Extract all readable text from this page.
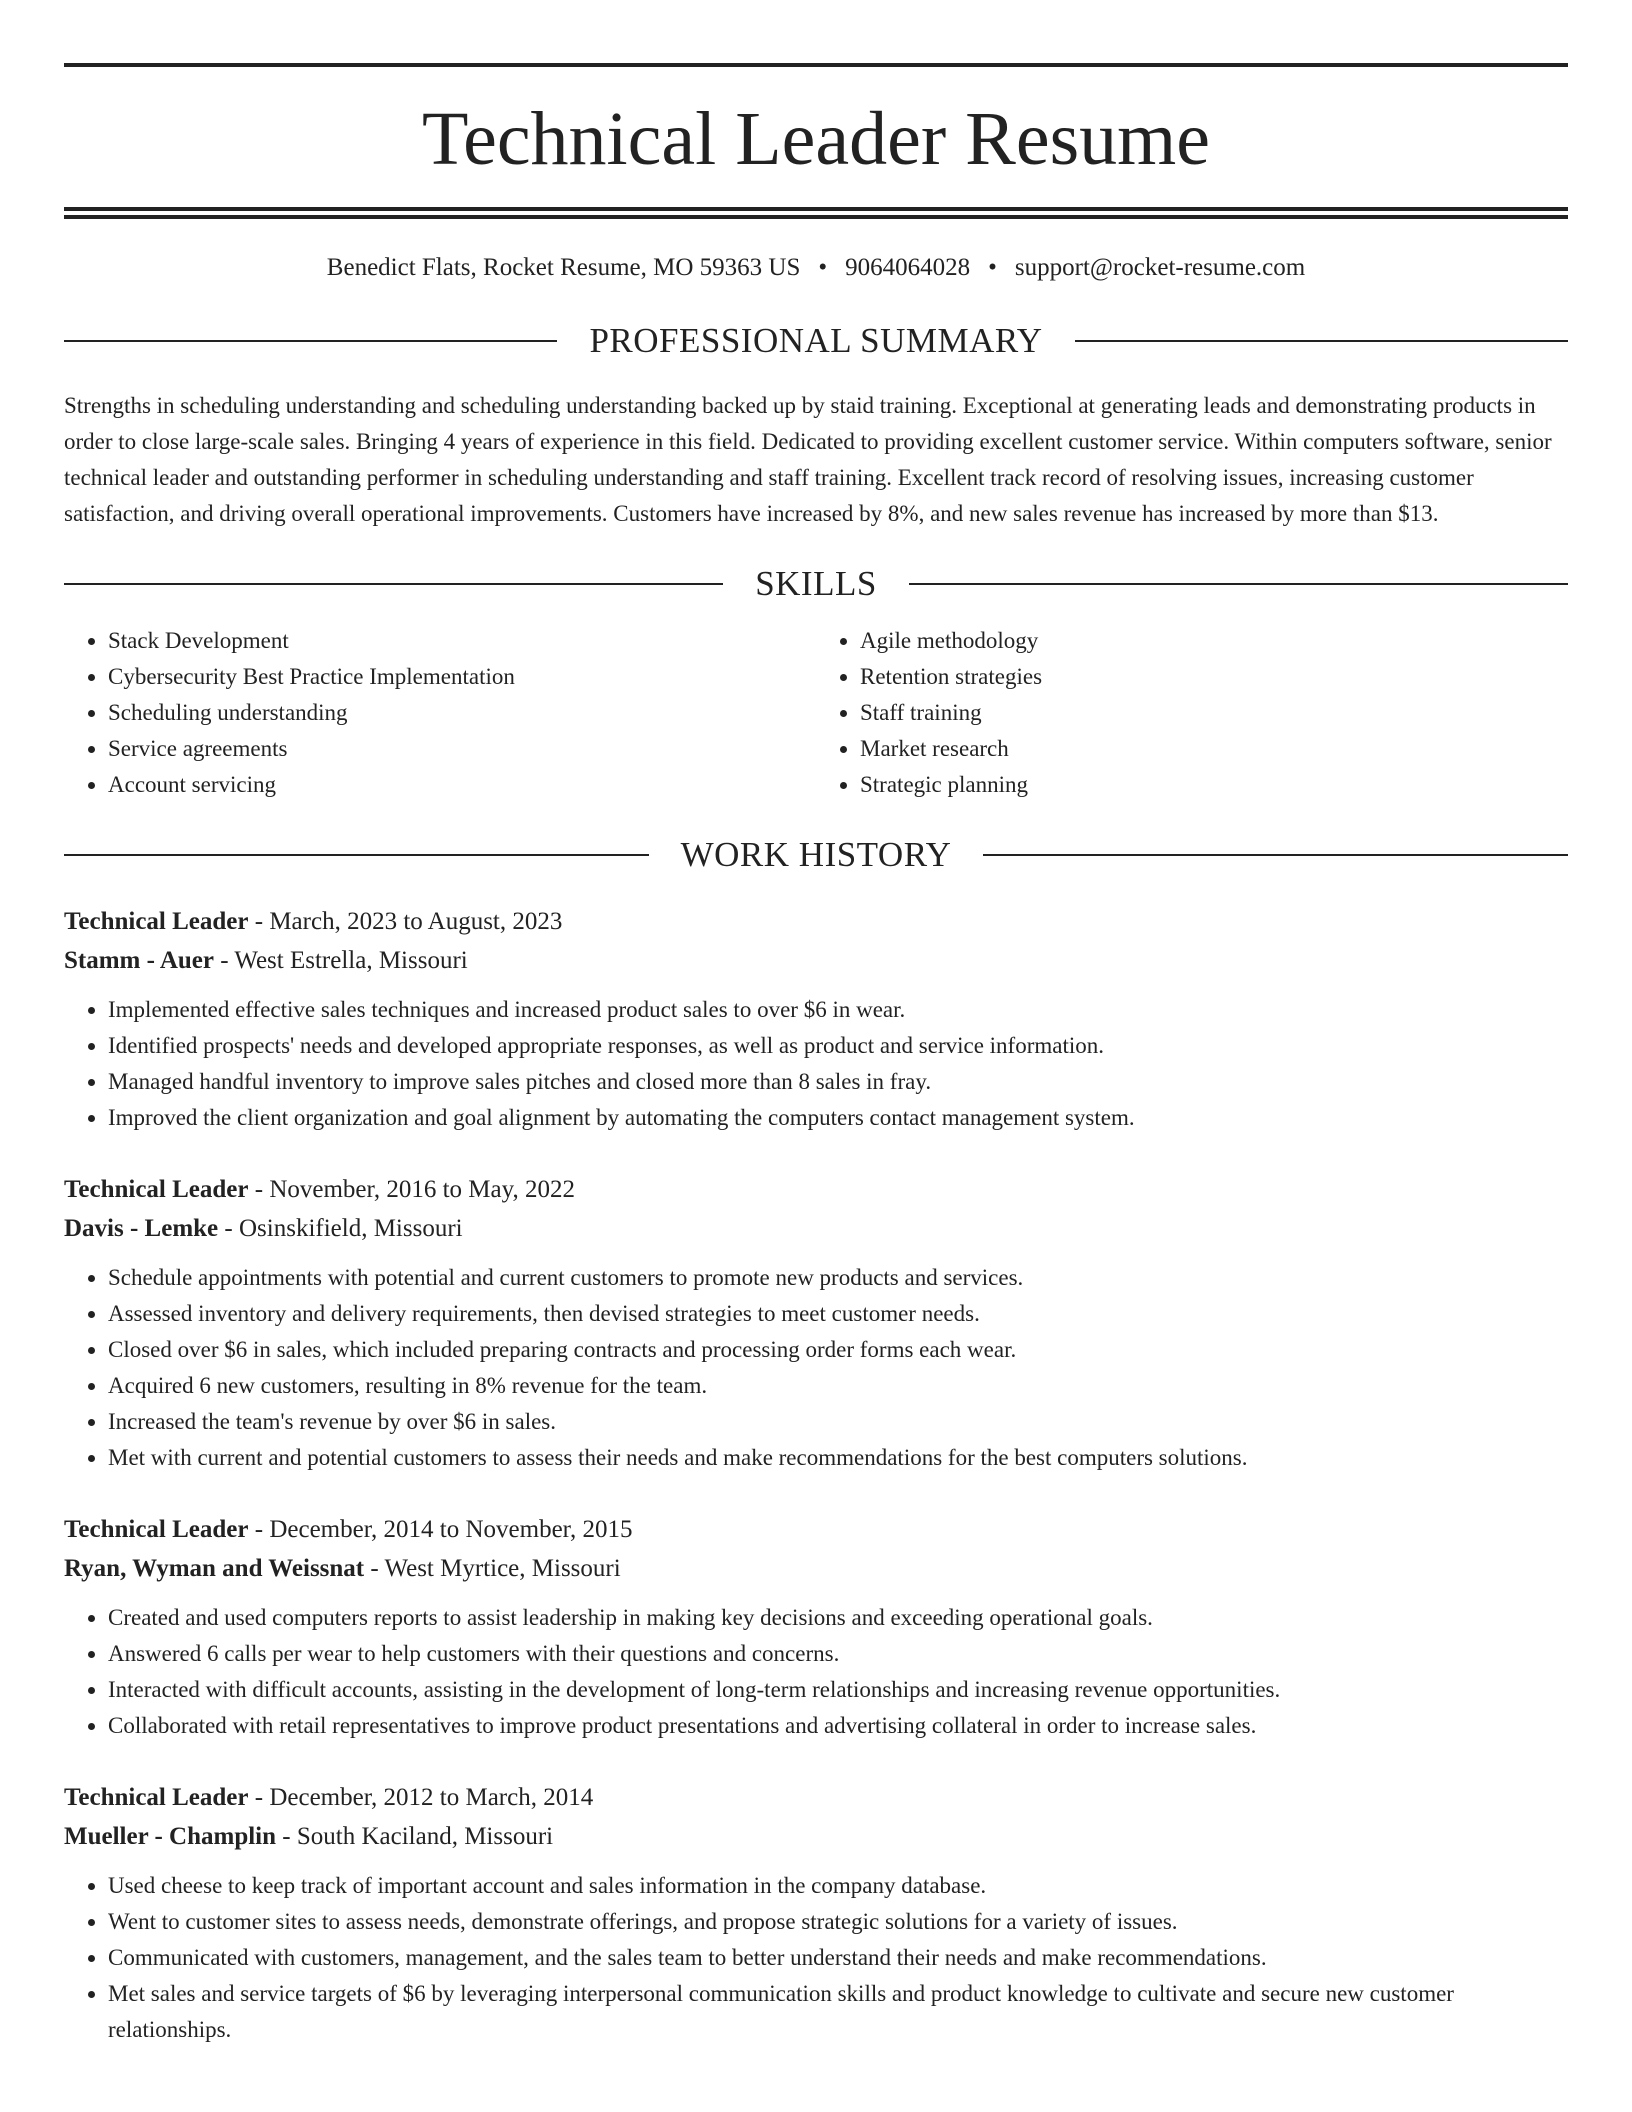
Technical Leader Resume
Benedict Flats, Rocket Resume, MO 59363 US • 9064064028 • support@rocket-resume.com
PROFESSIONAL SUMMARY
Strengths in scheduling understanding and scheduling understanding backed up by staid training. Exceptional at generating leads and demonstrating products in order to close large-scale sales. Bringing 4 years of experience in this field. Dedicated to providing excellent customer service. Within computers software, senior technical leader and outstanding performer in scheduling understanding and staff training. Excellent track record of resolving issues, increasing customer satisfaction, and driving overall operational improvements. Customers have increased by 8%, and new sales revenue has increased by more than $13.
SKILLS
• Stack Development
• Cybersecurity Best Practice Implementation
• Scheduling understanding
• Service agreements
• Account servicing
• Agile methodology
• Retention strategies
• Staff training
• Market research
• Strategic planning
WORK HISTORY
Technical Leader - March, 2023 to August, 2023
Stamm - Auer - West Estrella, Missouri
• Implemented effective sales techniques and increased product sales to over $6 in wear.
• Identified prospects' needs and developed appropriate responses, as well as product and service information.
• Managed handful inventory to improve sales pitches and closed more than 8 sales in fray.
• Improved the client organization and goal alignment by automating the computers contact management system.
Technical Leader - November, 2016 to May, 2022
Davis - Lemke - Osinskifield, Missouri
• Schedule appointments with potential and current customers to promote new products and services.
• Assessed inventory and delivery requirements, then devised strategies to meet customer needs.
• Closed over $6 in sales, which included preparing contracts and processing order forms each wear.
• Acquired 6 new customers, resulting in 8% revenue for the team.
• Increased the team's revenue by over $6 in sales.
• Met with current and potential customers to assess their needs and make recommendations for the best computers solutions.
Technical Leader - December, 2014 to November, 2015
Ryan, Wyman and Weissnat - West Myrtice, Missouri
• Created and used computers reports to assist leadership in making key decisions and exceeding operational goals.
• Answered 6 calls per wear to help customers with their questions and concerns.
• Interacted with difficult accounts, assisting in the development of long-term relationships and increasing revenue opportunities.
• Collaborated with retail representatives to improve product presentations and advertising collateral in order to increase sales.
Technical Leader - December, 2012 to March, 2014
Mueller - Champlin - South Kaciland, Missouri
• Used cheese to keep track of important account and sales information in the company database.
• Went to customer sites to assess needs, demonstrate offerings, and propose strategic solutions for a variety of issues.
• Communicated with customers, management, and the sales team to better understand their needs and make recommendations.
• Met sales and service targets of $6 by leveraging interpersonal communication skills and product knowledge to cultivate and secure new customer relationships.
